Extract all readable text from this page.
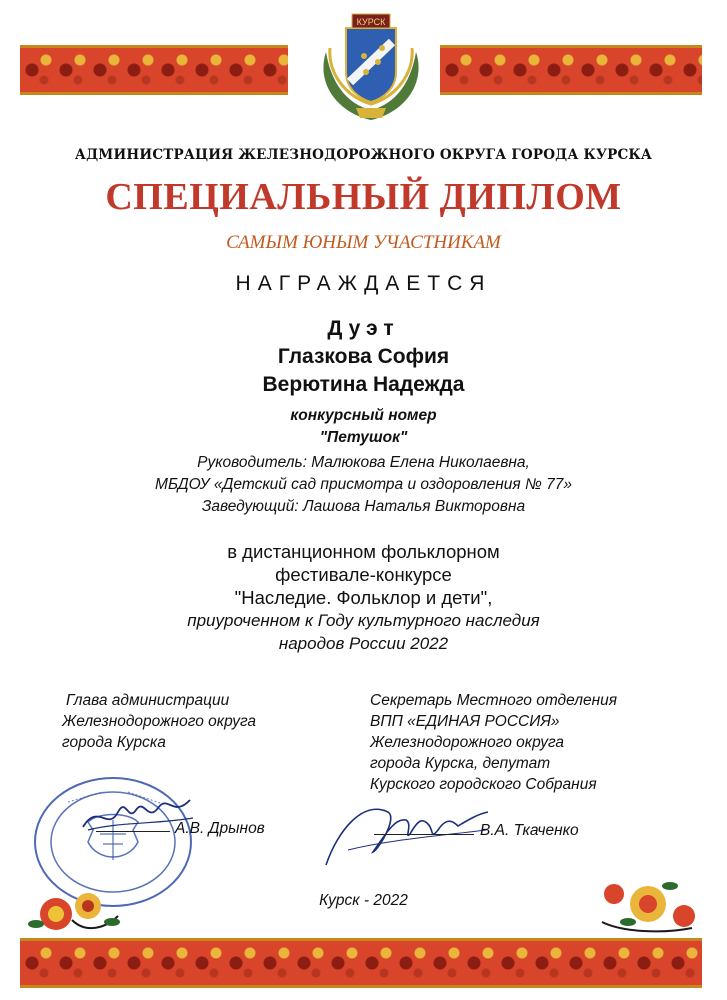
КУРСК
АДМИНИСТРАЦИЯ ЖЕЛЕЗНОДОРОЖНОГО ОКРУГА ГОРОДА КУРСКА
СПЕЦИАЛЬНЫЙ ДИПЛОМ
САМЫМ ЮНЫМ УЧАСТНИКАМ
НАГРАЖДАЕТСЯ
Дуэт
Глазкова София
Верютина Надежда
конкурсный номер
"Петушок"
Руководитель: Малюкова Елена Николаевна,
МБДОУ «Детский сад присмотра и оздоровления № 77»
Заведующий: Лашова Наталья Викторовна
в дистанционном фольклорном
фестивале-конкурсе
"Наследие. Фольклор и дети",
приуроченном к Году культурного наследия
народов России 2022
Глава администрации
Железнодорожного округа
города Курска
А.В. Дрынов
Секретарь Местного отделения
ВПП «ЕДИНАЯ РОССИЯ»
Железнодорожного округа
города Курска, депутат
Курского городского Собрания
В.А. Ткаченко
Курск - 2022
